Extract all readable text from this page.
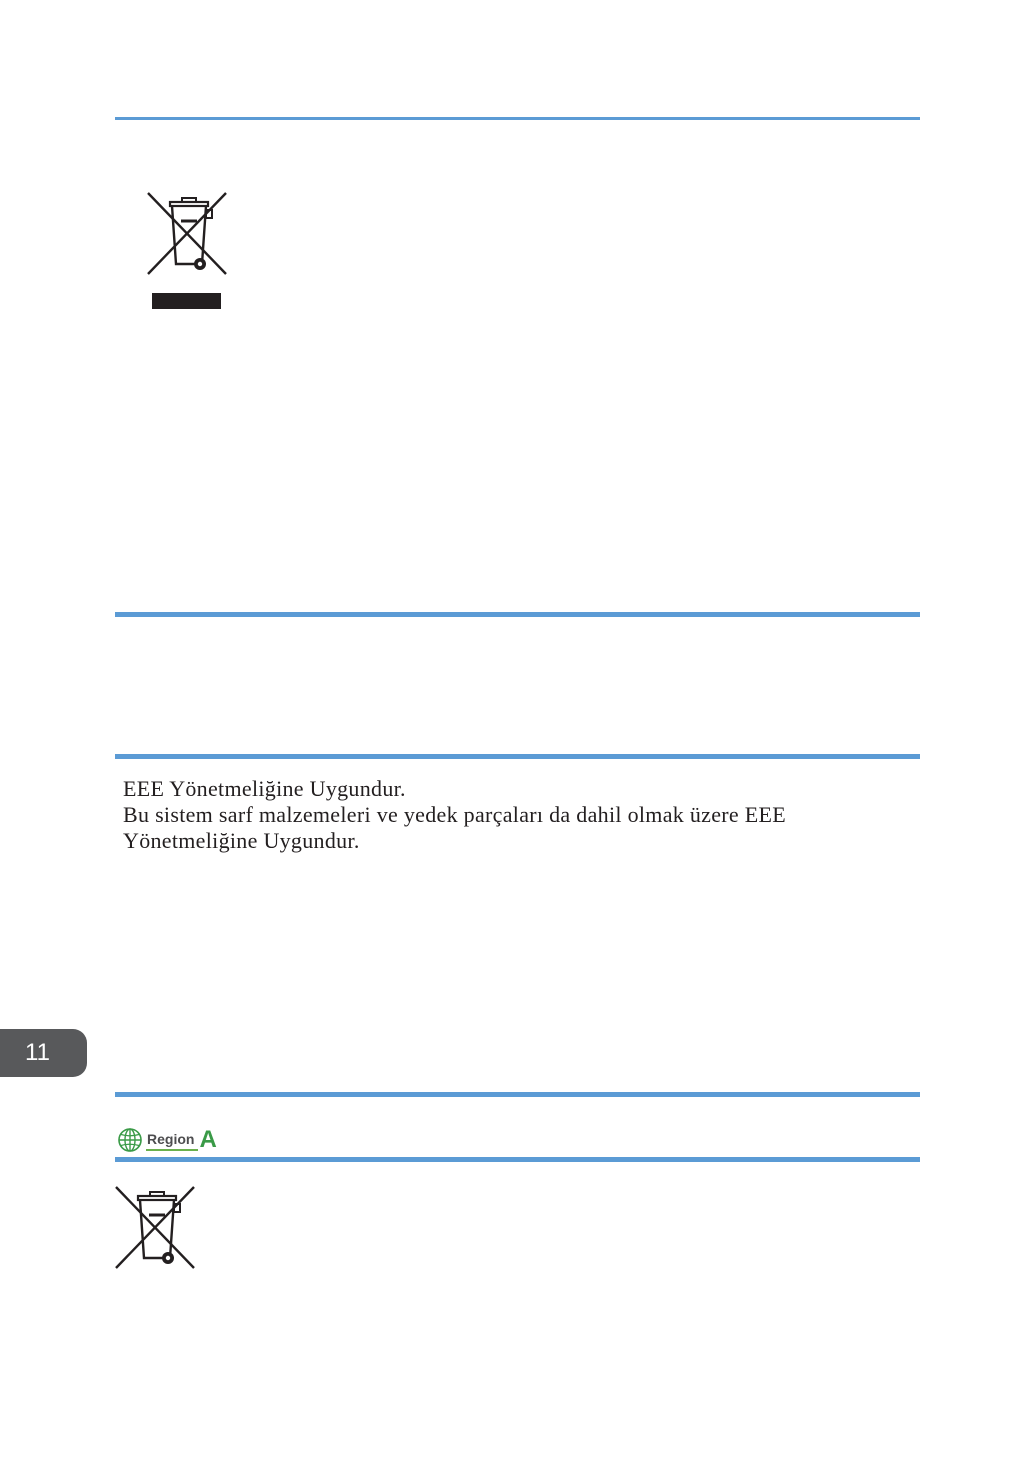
EEE Yönetmeliğine Uygundur.

Bu sistem sarf malzemeleri ve yedek parçaları da dahil olmak üzere EEE Yönetmeliğine Uygundur.

11
Region A
